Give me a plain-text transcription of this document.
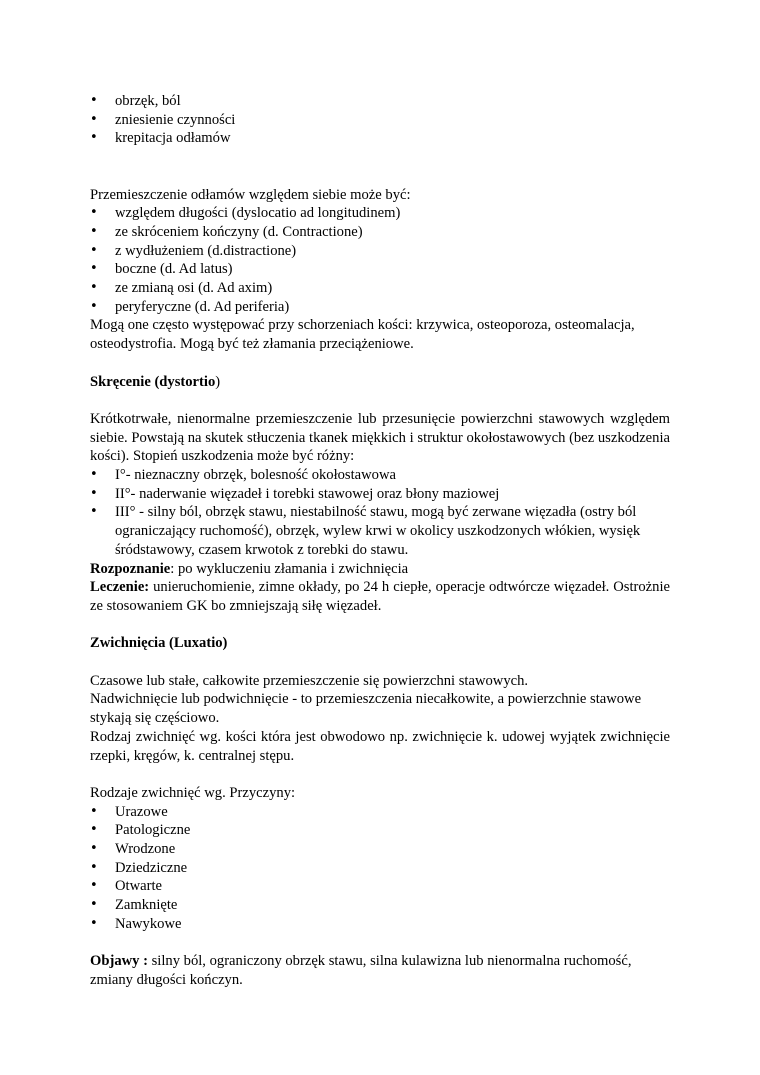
• obrzęk, ból
• zniesienie czynności
• krepitacja odłamów

Przemieszczenie odłamów względem siebie może być:

• względem długości (dyslocatio ad longitudinem)
• ze skróceniem kończyny (d. Contractione)
• z wydłużeniem (d.distractione)
• boczne (d. Ad latus)
• ze zmianą osi (d. Ad axim)
• peryferyczne (d. Ad periferia)

Mogą one często występować przy schorzeniach kości: krzywica, osteoporoza, osteomalacja, osteodystrofia. Mogą być też złamania przeciążeniowe.

Skręcenie (dystortio)

Krótkotrwałe, nienormalne przemieszczenie lub przesunięcie powierzchni stawowych względem siebie. Powstają na skutek stłuczenia tkanek miękkich i struktur okołostawowych (bez uszkodzenia kości). Stopień uszkodzenia może być różny:

• I°- nieznaczny obrzęk, bolesność okołostawowa
• II°- naderwanie więzadeł i torebki stawowej oraz błony maziowej
• III° - silny ból, obrzęk stawu, niestabilność stawu, mogą być zerwane więzadła (ostry ból ograniczający ruchomość), obrzęk, wylew krwi w okolicy uszkodzonych włókien, wysięk śródstawowy, czasem krwotok z torebki do stawu.

Rozpoznanie: po wykluczeniu złamania i zwichnięcia

Leczenie: unieruchomienie, zimne okłady, po 24 h ciepłe, operacje odtwórcze więzadeł. Ostrożnie ze stosowaniem GK bo zmniejszają siłę więzadeł.

Zwichnięcia (Luxatio)

Czasowe lub stałe, całkowite przemieszczenie się powierzchni stawowych.

Nadwichnięcie lub podwichnięcie - to przemieszczenia niecałkowite, a powierzchnie stawowe stykają się częściowo.

Rodzaj zwichnięć wg. kości która jest obwodowo np. zwichnięcie k. udowej wyjątek zwichnięcie rzepki, kręgów, k. centralnej stępu.

Rodzaje zwichnięć wg. Przyczyny:

• Urazowe
• Patologiczne
• Wrodzone
• Dziedziczne
• Otwarte
• Zamknięte
• Nawykowe

Objawy : silny ból, ograniczony obrzęk stawu, silna kulawizna lub nienormalna ruchomość, zmiany długości kończyn.
